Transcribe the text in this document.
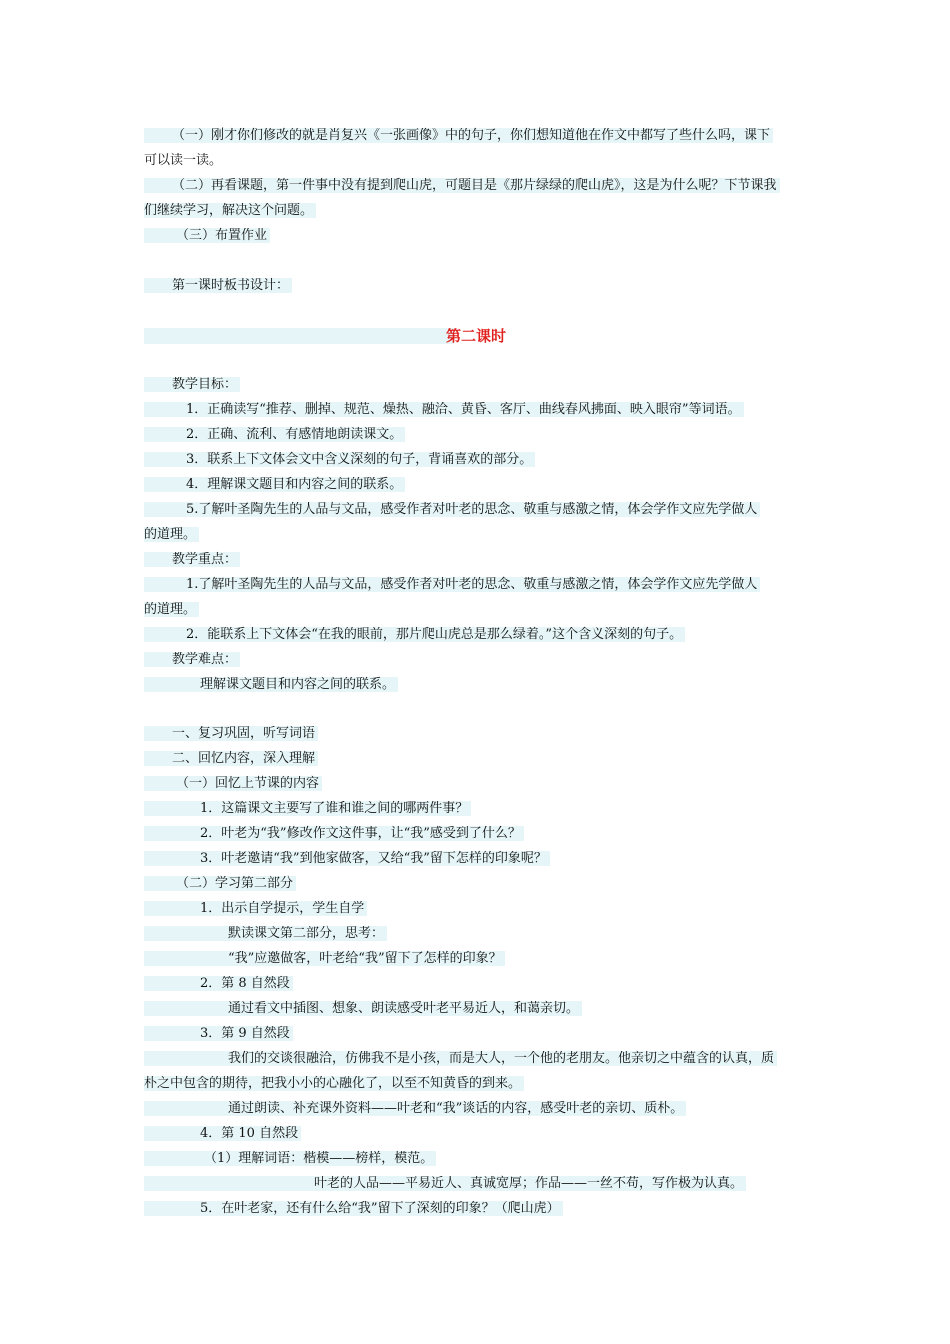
（一）刚才你们修改的就是肖复兴《一张画像》中的句子，你们想知道他在作文中都写了些什么吗，课下
可以读一读。
（二）再看课题，第一件事中没有提到爬山虎，可题目是《那片绿绿的爬山虎》，这是为什么呢？下节课我
们继续学习，解决这个问题。
（三）布置作业
第一课时板书设计：
第二课时
教学目标：
1．正确读写“推荐、删掉、规范、燥热、融洽、黄昏、客厅、曲线春风拂面、映入眼帘”等词语。
2．正确、流利、有感情地朗读课文。
3．联系上下文体会文中含义深刻的句子，背诵喜欢的部分。
4．理解课文题目和内容之间的联系。
5.了解叶圣陶先生的人品与文品，感受作者对叶老的思念、敬重与感激之情，体会学作文应先学做人
的道理。
教学重点：
1.了解叶圣陶先生的人品与文品，感受作者对叶老的思念、敬重与感激之情，体会学作文应先学做人
的道理。
2．能联系上下文体会“在我的眼前，那片爬山虎总是那么绿着。”这个含义深刻的句子。
教学难点：
理解课文题目和内容之间的联系。
一、复习巩固，听写词语
二、回忆内容，深入理解
（一）回忆上节课的内容
1．这篇课文主要写了谁和谁之间的哪两件事？
2．叶老为“我”修改作文这件事，让“我”感受到了什么？
3．叶老邀请“我”到他家做客，又给“我”留下怎样的印象呢？
（二）学习第二部分
1．出示自学提示，学生自学
默读课文第二部分，思考：
“我”应邀做客，叶老给“我”留下了怎样的印象？
2．第 8 自然段
通过看文中插图、想象、朗读感受叶老平易近人，和蔼亲切。
3．第 9 自然段
我们的交谈很融洽，仿佛我不是小孩，而是大人，一个他的老朋友。他亲切之中蕴含的认真，质
朴之中包含的期待，把我小小的心融化了，以至不知黄昏的到来。
通过朗读、补充课外资料——叶老和“我”谈话的内容，感受叶老的亲切、质朴。
4．第 10 自然段
（1）理解词语：楷模——榜样，模范。
叶老的人品——平易近人、真诚宽厚；作品——一丝不苟，写作极为认真。
5．在叶老家，还有什么给“我”留下了深刻的印象？（爬山虎）
